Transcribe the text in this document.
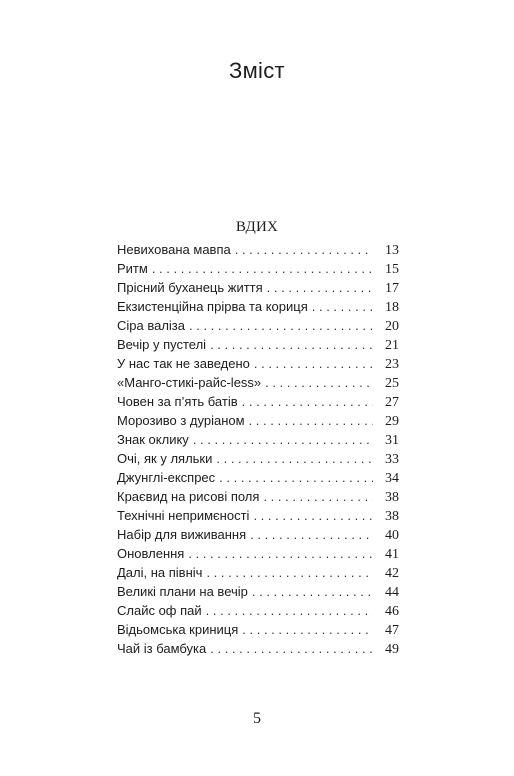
Зміст
ВДИХ
Невихована мавпа . . .	13
Ритм . . .	15
Прісний буханець життя . . .	17
Екзистенційна прірва та кориця . . .	18
Сіра валіза . . .	20
Вечір у пустелі . . .	21
У нас так не заведено . . .	23
«Манго-стикі-райс-less» . . .	25
Човен за п’ять батів . . .	27
Морозиво з дуріаном . . .	29
Знак оклику . . .	31
Очі, як у ляльки . . .	33
Джунглі-експрес . . .	34
Краєвид на рисові поля . . .	38
Технічні непримєності . . .	38
Набір для виживання . . .	40
Оновлення . . .	41
Далі, на північ . . .	42
Великі плани на вечір . . .	44
Слайс оф пай . . .	46
Відьомська криниця . . .	47
Чай із бамбука . . .	49
5
